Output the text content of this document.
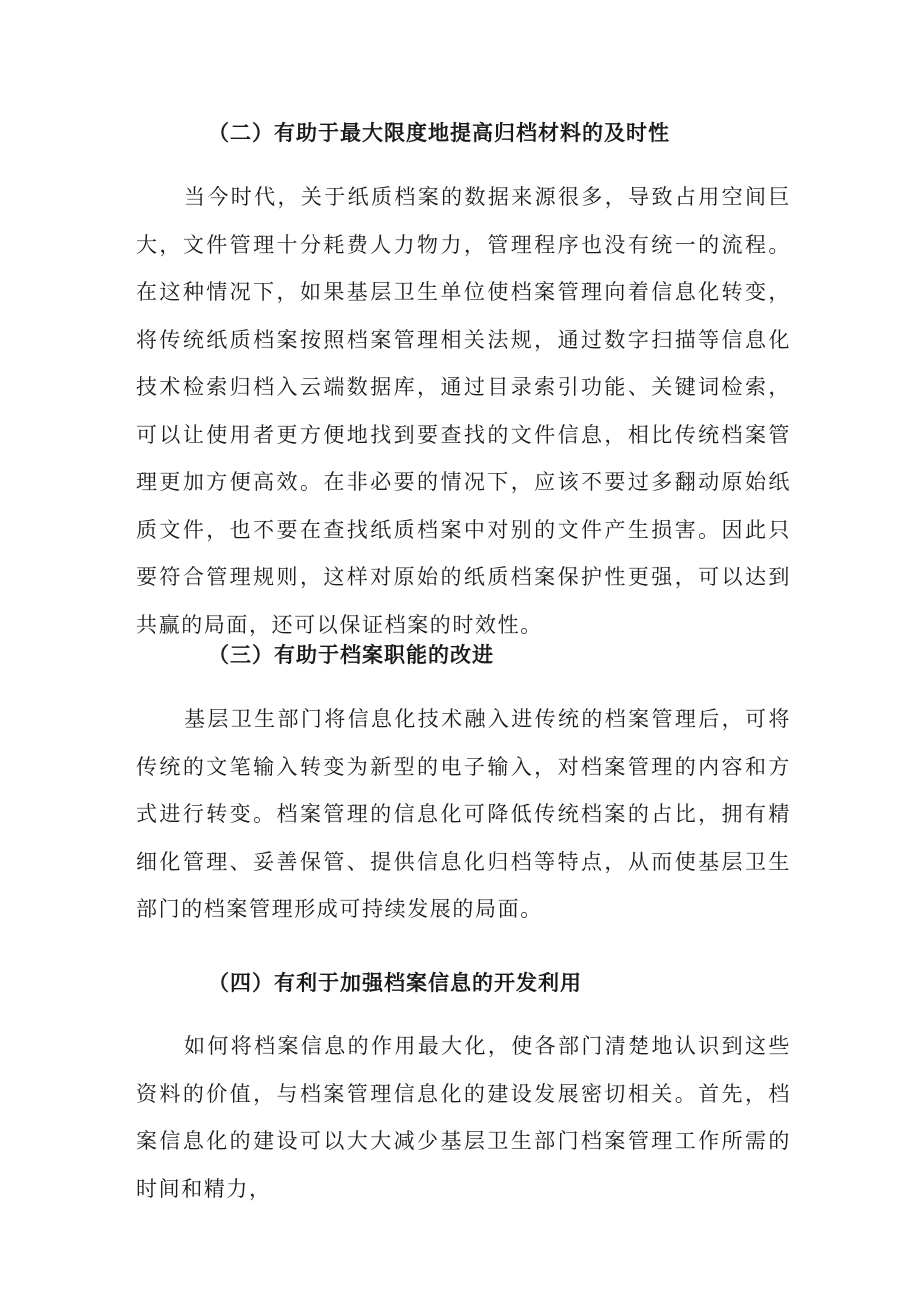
（二）有助于最大限度地提高归档材料的及时性

当今时代，关于纸质档案的数据来源很多，导致占用空间巨大，文件管理十分耗费人力物力，管理程序也没有统一的流程。在这种情况下，如果基层卫生单位使档案管理向着信息化转变，将传统纸质档案按照档案管理相关法规，通过数字扫描等信息化技术检索归档入云端数据库，通过目录索引功能、关键词检索，可以让使用者更方便地找到要查找的文件信息，相比传统档案管理更加方便高效。在非必要的情况下，应该不要过多翻动原始纸质文件，也不要在查找纸质档案中对别的文件产生损害。因此只要符合管理规则，这样对原始的纸质档案保护性更强，可以达到共赢的局面，还可以保证档案的时效性。

（三）有助于档案职能的改进

基层卫生部门将信息化技术融入进传统的档案管理后，可将传统的文笔输入转变为新型的电子输入，对档案管理的内容和方式进行转变。档案管理的信息化可降低传统档案的占比，拥有精细化管理、妥善保管、提供信息化归档等特点，从而使基层卫生部门的档案管理形成可持续发展的局面。

（四）有利于加强档案信息的开发利用

如何将档案信息的作用最大化，使各部门清楚地认识到这些资料的价值，与档案管理信息化的建设发展密切相关。首先，档案信息化的建设可以大大减少基层卫生部门档案管理工作所需的时间和精力，
